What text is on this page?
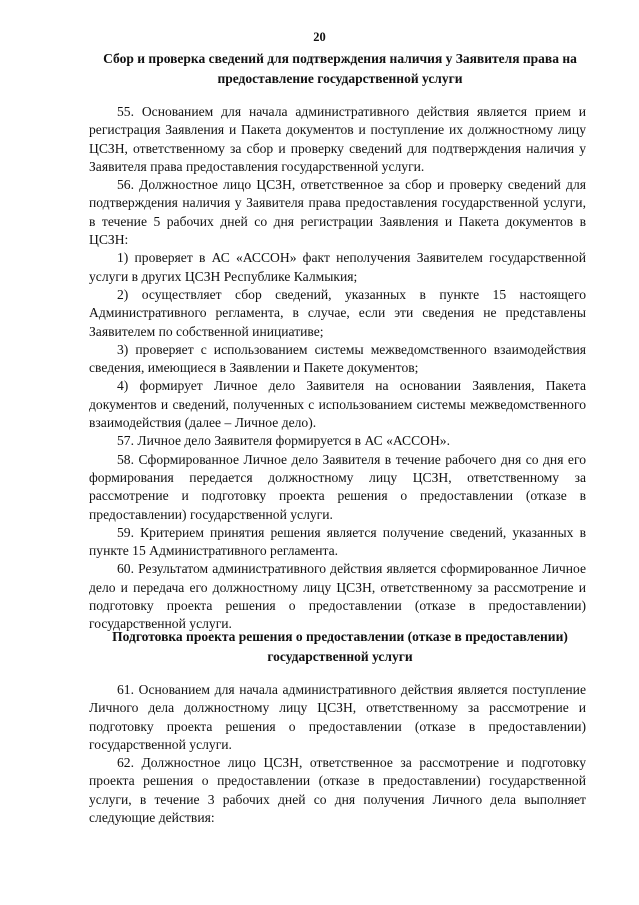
20

Сбор и проверка сведений для подтверждения наличия у Заявителя права на предоставление государственной услуги

55. Основанием для начала административного действия является прием и регистрация Заявления и Пакета документов и поступление их должностному лицу ЦСЗН, ответственному за сбор и проверку сведений для подтверждения наличия у Заявителя права предоставления государственной услуги.

56. Должностное лицо ЦСЗН, ответственное за сбор и проверку сведений для подтверждения наличия у Заявителя права предоставления государственной услуги, в течение 5 рабочих дней со дня регистрации Заявления и Пакета документов в ЦСЗН:

1) проверяет в АС «АССОН» факт неполучения Заявителем государственной услуги в других ЦСЗН Республике Калмыкия;

2) осуществляет сбор сведений, указанных в пункте 15 настоящего Административного регламента, в случае, если эти сведения не представлены Заявителем по собственной инициативе;

3) проверяет с использованием системы межведомственного взаимодействия сведения, имеющиеся в Заявлении и Пакете документов;

4) формирует Личное дело Заявителя на основании Заявления, Пакета документов и сведений, полученных с использованием системы межведомственного взаимодействия (далее – Личное дело).

57. Личное дело Заявителя формируется в АС «АССОН».

58. Сформированное Личное дело Заявителя в течение рабочего дня со дня его формирования передается должностному лицу ЦСЗН, ответственному за рассмотрение и подготовку проекта решения о предоставлении (отказе в предоставлении) государственной услуги.

59. Критерием принятия решения является получение сведений, указанных в пункте 15 Административного регламента.

60. Результатом административного действия является сформированное Личное дело и передача его должностному лицу ЦСЗН, ответственному за рассмотрение и подготовку проекта решения о предоставлении (отказе в предоставлении) государственной услуги.

Подготовка проекта решения о предоставлении (отказе в предоставлении) государственной услуги

61. Основанием для начала административного действия является поступление Личного дела должностному лицу ЦСЗН, ответственному за рассмотрение и подготовку проекта решения о предоставлении (отказе в предоставлении) государственной услуги.

62. Должностное лицо ЦСЗН, ответственное за рассмотрение и подготовку проекта решения о предоставлении (отказе в предоставлении) государственной услуги, в течение 3 рабочих дней со дня получения Личного дела выполняет следующие действия:
